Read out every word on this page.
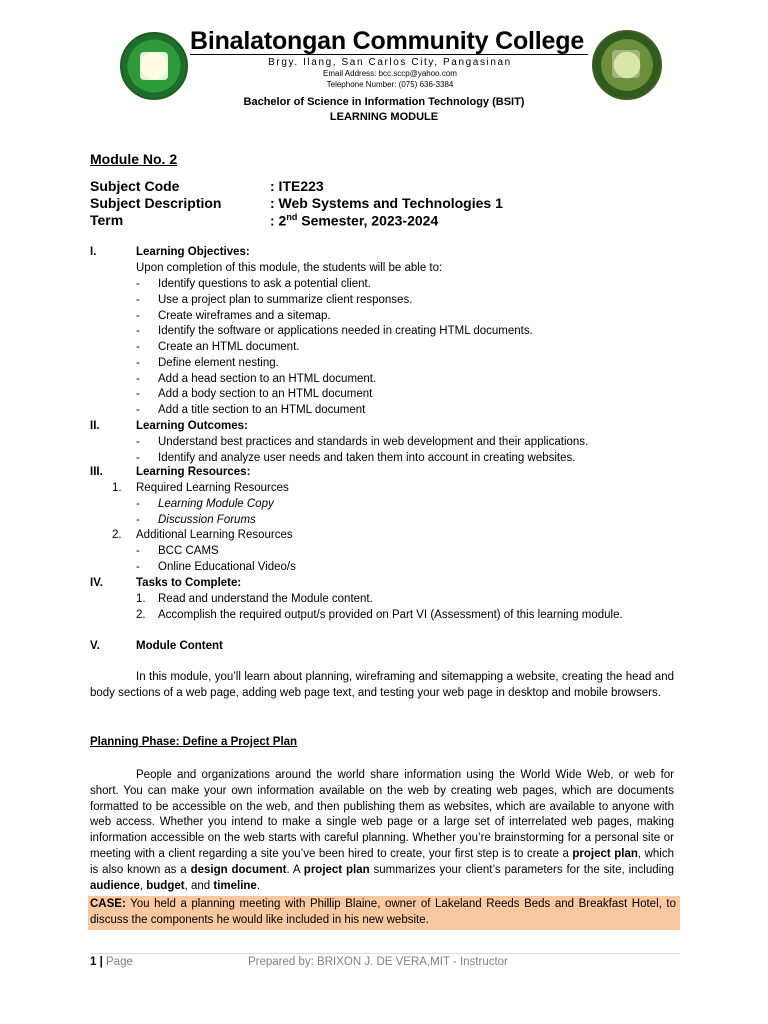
Binalatongan Community College
Brgy. Ilang, San Carlos City, Pangasinan
Email Address: bcc.sccp@yahoo.com
Telephone Number: (075) 636-3384
Bachelor of Science in Information Technology (BSIT)
LEARNING MODULE
Module No. 2
Subject Code	: ITE223
Subject Description	: Web Systems and Technologies 1
Term	: 2nd Semester, 2023-2024
I.	Learning Objectives:
Upon completion of this module, the students will be able to:
- Identify questions to ask a potential client.
- Use a project plan to summarize client responses.
- Create wireframes and a sitemap.
- Identify the software or applications needed in creating HTML documents.
- Create an HTML document.
- Define element nesting.
- Add a head section to an HTML document.
- Add a body section to an HTML document
- Add a title section to an HTML document
II.	Learning Outcomes:
- Understand best practices and standards in web development and their applications.
- Identify and analyze user needs and taken them into account in creating websites.
III.	Learning Resources:
1. Required Learning Resources
- Learning Module Copy
- Discussion Forums
2. Additional Learning Resources
- BCC CAMS
- Online Educational Video/s
IV.	Tasks to Complete:
1. Read and understand the Module content.
2. Accomplish the required output/s provided on Part VI (Assessment) of this learning module.
V.	Module Content

In this module, you’ll learn about planning, wireframing and sitemapping a website, creating the head and body sections of a web page, adding web page text, and testing your web page in desktop and mobile browsers.

Planning Phase: Define a Project Plan

People and organizations around the world share information using the World Wide Web, or web for short. You can make your own information available on the web by creating web pages, which are documents formatted to be accessible on the web, and then publishing them as websites, which are available to anyone with web access. Whether you intend to make a single web page or a large set of interrelated web pages, making information accessible on the web starts with careful planning. Whether you’re brainstorming for a personal site or meeting with a client regarding a site you’ve been hired to create, your first step is to create a project plan, which is also known as a design document. A project plan summarizes your client’s parameters for the site, including audience, budget, and timeline.

CASE: You held a planning meeting with Phillip Blaine, owner of Lakeland Reeds Beds and Breakfast Hotel, to discuss the components he would like included in his new website.
1 | Page	Prepared by: BRIXON J. DE VERA,MIT - Instructor
